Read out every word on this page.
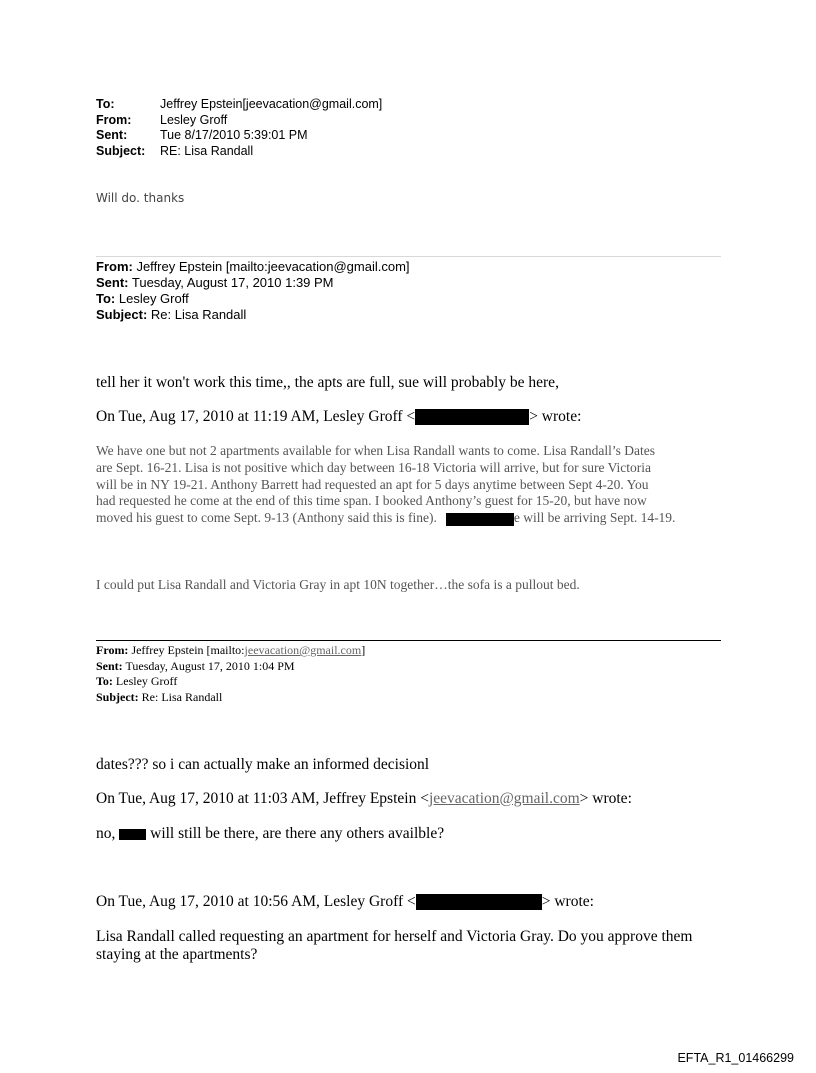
To:	Jeffrey Epstein[jeevacation@gmail.com]
From:	Lesley Groff
Sent:	Tue 8/17/2010 5:39:01 PM
Subject:	RE: Lisa Randall
Will do. thanks
From: Jeffrey Epstein [mailto:jeevacation@gmail.com]
Sent: Tuesday, August 17, 2010 1:39 PM
To: Lesley Groff
Subject: Re: Lisa Randall
tell her it won't work this time,, the apts are full, sue will probably be here,
On Tue, Aug 17, 2010 at 11:19 AM, Lesley Groff <	> wrote:
We have one but not 2 apartments available for when Lisa Randall wants to come. Lisa Randall’s Dates
are Sept. 16-21. Lisa is not positive which day between 16-18 Victoria will arrive, but for sure Victoria
will be in NY 19-21. Anthony Barrett had requested an apt for 5 days anytime between Sept 4-20. You
had requested he come at the end of this time span. I booked Anthony’s guest for 15-20, but have now
moved his guest to come Sept. 9-13 (Anthony said this is fine).	e will be arriving Sept. 14-19.
I could put Lisa Randall and Victoria Gray in apt 10N together…the sofa is a pullout bed.
From: Jeffrey Epstein [mailto:jeevacation@gmail.com]
Sent: Tuesday, August 17, 2010 1:04 PM
To: Lesley Groff
Subject: Re: Lisa Randall
dates??? so i can actually make an informed decisionl
On Tue, Aug 17, 2010 at 11:03 AM, Jeffrey Epstein <jeevacation@gmail.com> wrote:
no,  will still be there, are there any others availble?
On Tue, Aug 17, 2010 at 10:56 AM, Lesley Groff <	> wrote:
Lisa Randall called requesting an apartment for herself and Victoria Gray. Do you approve them
staying at the apartments?
EFTA_R1_01466299
